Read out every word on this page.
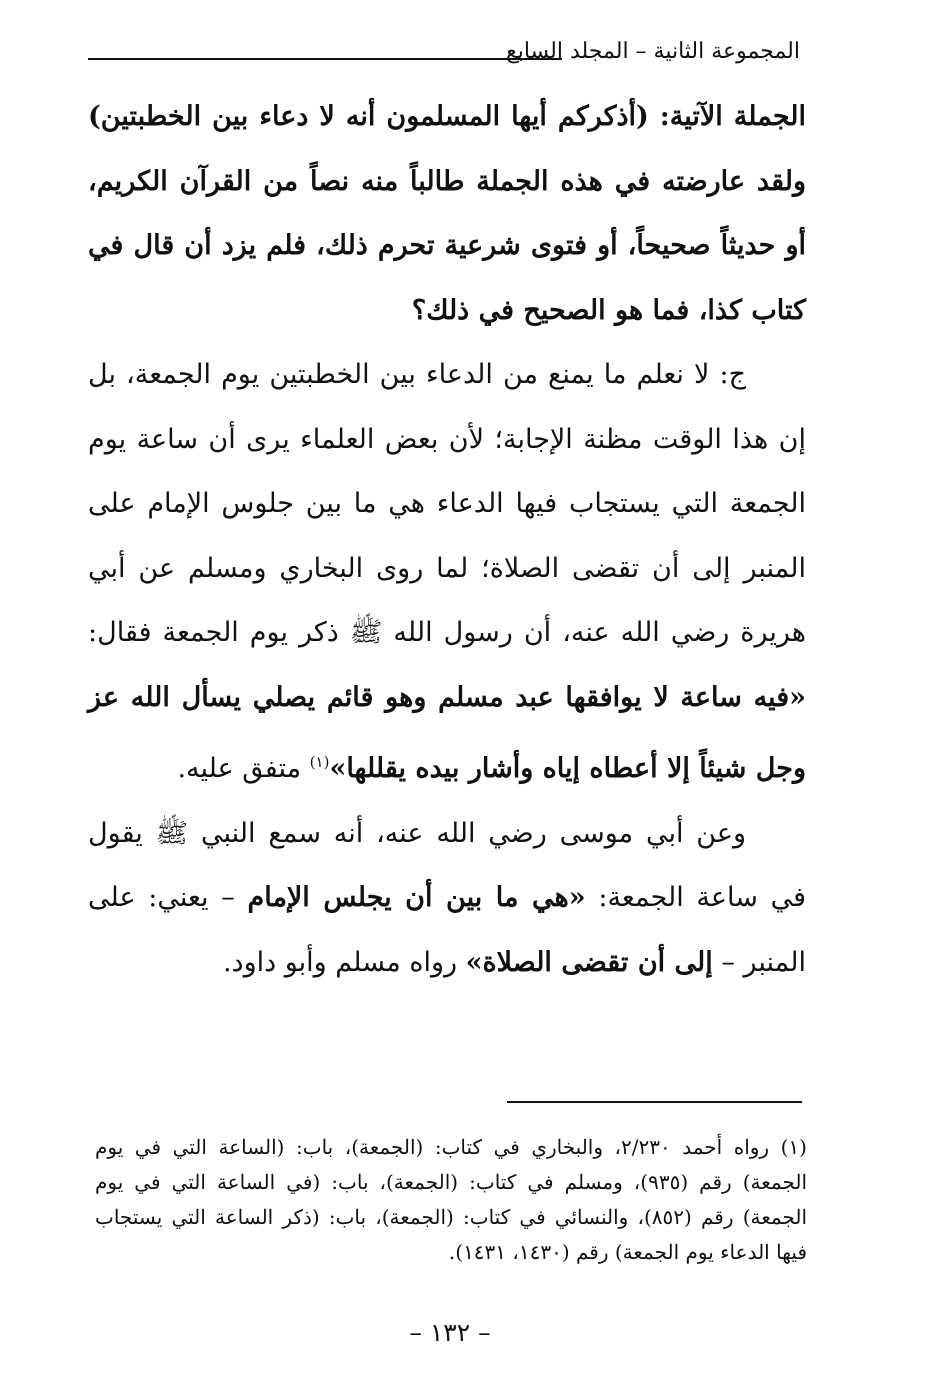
المجموعة الثانية – المجلد السابع

الجملة الآتية: (أذكركم أيها المسلمون أنه لا دعاء بين الخطبتين) ولقد عارضته في هذه الجملة طالباً منه نصاً من القرآن الكريم، أو حديثاً صحيحاً، أو فتوى شرعية تحرم ذلك، فلم يزد أن قال في كتاب كذا، فما هو الصحيح في ذلك؟

ج: لا نعلم ما يمنع من الدعاء بين الخطبتين يوم الجمعة، بل إن هذا الوقت مظنة الإجابة؛ لأن بعض العلماء يرى أن ساعة يوم الجمعة التي يستجاب فيها الدعاء هي ما بين جلوس الإمام على المنبر إلى أن تقضى الصلاة؛ لما روى البخاري ومسلم عن أبي هريرة رضي الله عنه، أن رسول الله ﷺ ذكر يوم الجمعة فقال: «فيه ساعة لا يوافقها عبد مسلم وهو قائم يصلي يسأل الله عز وجل شيئاً إلا أعطاه إياه وأشار بيده يقللها»$^{(١)}$ متفق عليه.

وعن أبي موسى رضي الله عنه، أنه سمع النبي ﷺ يقول في ساعة الجمعة: «هي ما بين أن يجلس الإمام – يعني: على المنبر – إلى أن تقضى الصلاة» رواه مسلم وأبو داود.

(١) رواه أحمد ٢/٢٣٠، والبخاري في كتاب: (الجمعة)، باب: (الساعة التي في يوم الجمعة) رقم (٩٣٥)، ومسلم في كتاب: (الجمعة)، باب: (في الساعة التي في يوم الجمعة) رقم (٨٥٢)، والنسائي في كتاب: (الجمعة)، باب: (ذكر الساعة التي يستجاب فيها الدعاء يوم الجمعة) رقم (١٤٣٠، ١٤٣١).
– ١٣٢ –
